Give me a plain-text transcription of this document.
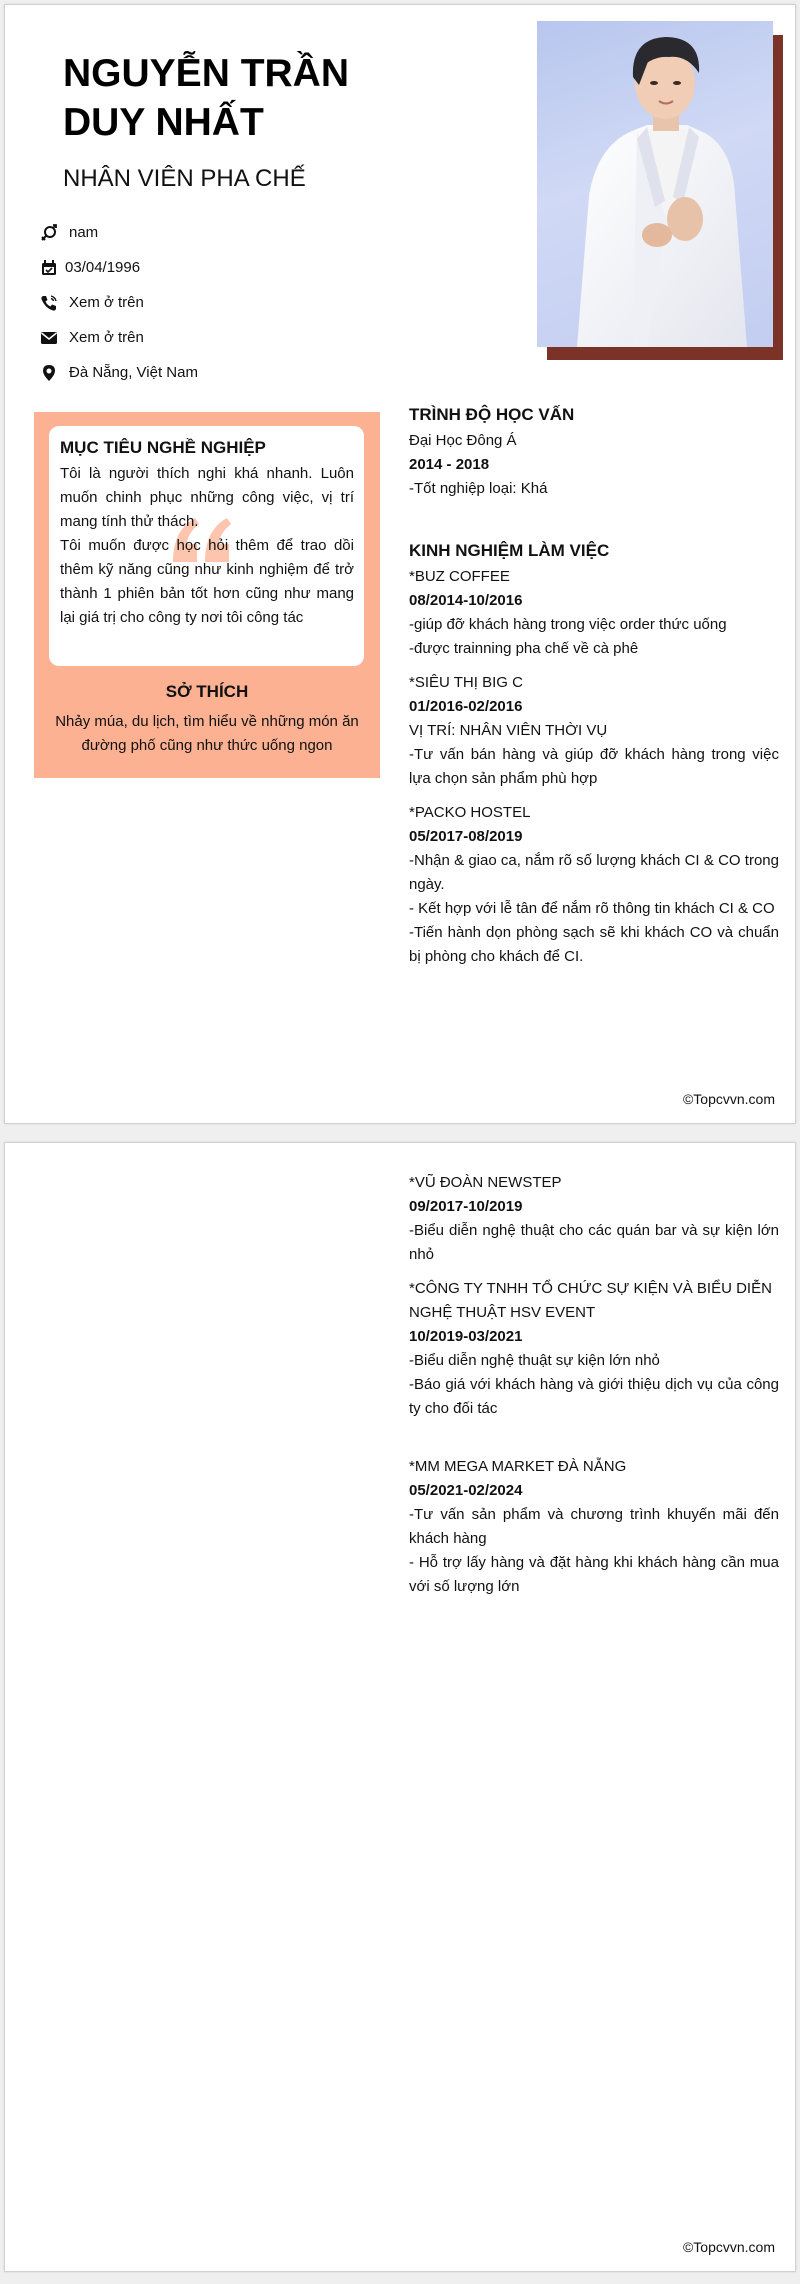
NGUYỄN TRẦN
DUY NHẤT
NHÂN VIÊN PHA CHẾ
nam
03/04/1996
Xem ở trên
Xem ở trên
Đà Nẵng, Việt Nam
MỤC TIÊU NGHỀ NGHIỆP
Tôi là người thích nghi khá nhanh. Luôn muốn chinh phục những công việc, vị trí mang tính thử thách.
Tôi muốn được học hỏi thêm để trao dồi thêm kỹ năng cũng như kinh nghiệm để trở thành 1 phiên bản tốt hơn cũng như mang lại giá trị cho công ty nơi tôi công tác
SỞ THÍCH
Nhảy múa, du lịch, tìm hiểu về những món ăn đường phố cũng như thức uống ngon
TRÌNH ĐỘ HỌC VẤN
Đại Học Đông Á
2014 - 2018
-Tốt nghiệp loại: Khá
KINH NGHIỆM LÀM VIỆC
*BUZ COFFEE
08/2014-10/2016
-giúp đỡ khách hàng trong việc order thức uống
-được trainning pha chế về cà phê
*SIÊU THỊ BIG C
01/2016-02/2016
VỊ TRÍ: NHÂN VIÊN THỜI VỤ
-Tư vấn bán hàng và giúp đỡ khách hàng trong việc lựa chọn sản phẩm phù hợp
*PACKO HOSTEL
05/2017-08/2019
-Nhận & giao ca, nắm rõ số lượng khách CI & CO trong ngày.
- Kết hợp với lễ tân để nắm rõ thông tin khách CI & CO
-Tiến hành dọn phòng sạch sẽ khi khách CO và chuẩn bị phòng cho khách để CI.
©Topcvvn.com
*VŨ ĐOÀN NEWSTEP
09/2017-10/2019
-Biểu diễn nghệ thuật cho các quán bar và sự kiện lớn nhỏ
*CÔNG TY TNHH TỔ CHỨC SỰ KIỆN VÀ BIỂU DIỄN NGHỆ THUẬT HSV EVENT
10/2019-03/2021
-Biểu diễn nghệ thuật sự kiện lớn nhỏ
-Báo giá với khách hàng và giới thiệu dịch vụ của công ty cho đối tác
*MM MEGA MARKET ĐÀ NẴNG
05/2021-02/2024
-Tư vấn sản phẩm và chương trình khuyến mãi đến khách hàng
- Hỗ trợ lấy hàng và đặt hàng khi khách hàng cần mua với số lượng lớn
©Topcvvn.com
